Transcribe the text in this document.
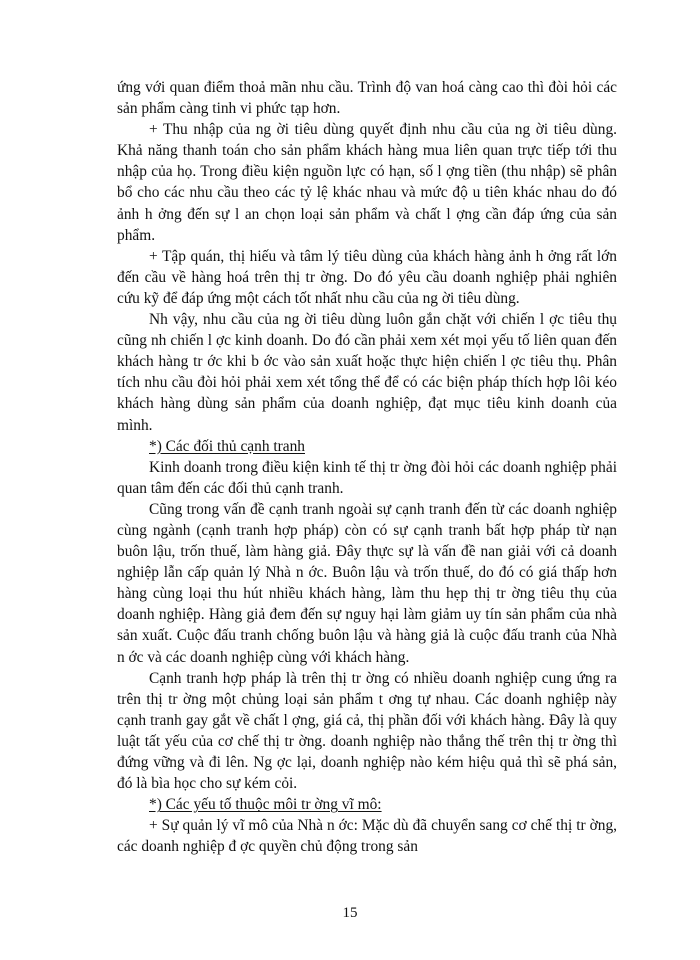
ứng với quan điểm thoả mãn nhu cầu. Trình độ van hoá càng cao thì đòi hỏi các sản phẩm càng tinh vi phức tạp hơn.

+ Thu nhập của ng ời tiêu dùng quyết định nhu cầu của ng ời tiêu dùng. Khả năng thanh toán cho sản phẩm khách hàng mua liên quan trực tiếp tới thu nhập của họ. Trong điều kiện nguồn lực có hạn, số l ợng tiền (thu nhập) sẽ phân bổ cho các nhu cầu theo các tỷ lệ khác nhau và mức độ u tiên khác nhau do đó ảnh h ởng đến sự l an chọn loại sản phẩm và chất l ợng cần đáp ứng của sản phẩm.

+ Tập quán, thị hiếu và tâm lý tiêu dùng của khách hàng ảnh h ởng rất lớn đến cầu về hàng hoá trên thị tr ờng. Do đó yêu cầu doanh nghiệp phải nghiên cứu kỹ để đáp ứng một cách tốt nhất nhu cầu của ng ời tiêu dùng.

Nh vậy, nhu cầu của ng ời tiêu dùng luôn gắn chặt với chiến l ợc tiêu thụ cũng nh chiến l ợc kinh doanh. Do đó cần phải xem xét mọi yếu tố liên quan đến khách hàng tr ớc khi b ớc vào sản xuất hoặc thực hiện chiến l ợc tiêu thụ. Phân tích nhu cầu đòi hỏi phải xem xét tổng thể để có các biện pháp thích hợp lôi kéo khách hàng dùng sản phẩm của doanh nghiệp, đạt mục tiêu kinh doanh của mình.

*) Các đối thủ cạnh tranh

Kinh doanh trong điều kiện kinh tế thị tr ờng đòi hỏi các doanh nghiệp phải quan tâm đến các đối thủ cạnh tranh.

Cũng trong vấn đề cạnh tranh ngoài sự cạnh tranh đến từ các doanh nghiệp cùng ngành (cạnh tranh hợp pháp) còn có sự cạnh tranh bất hợp pháp từ nạn buôn lậu, trốn thuế, làm hàng giả. Đây thực sự là vấn đề nan giải với cả doanh nghiệp lẫn cấp quản lý Nhà n ớc. Buôn lậu và trốn thuế, do đó có giá thấp hơn hàng cùng loại thu hút nhiều khách hàng, làm thu hẹp thị tr ờng tiêu thụ của doanh nghiệp. Hàng giả đem đến sự nguy hại làm giảm uy tín sản phẩm của nhà sản xuất. Cuộc đấu tranh chống buôn lậu và hàng giả là cuộc đấu tranh của Nhà n ớc và các doanh nghiệp cùng với khách hàng.

Cạnh tranh hợp pháp là trên thị tr ờng có nhiều doanh nghiệp cung ứng ra trên thị tr ờng một chủng loại sản phẩm t ơng tự nhau. Các doanh nghiệp này cạnh tranh gay gắt về chất l ợng, giá cả, thị phần đối với khách hàng. Đây là quy luật tất yếu của cơ chế thị tr ờng. doanh nghiệp nào thắng thế trên thị tr ờng thì đứng vững và đi lên. Ng ợc lại, doanh nghiệp nào kém hiệu quả thì sẽ phá sản, đó là bìa học cho sự kém cỏi.

*) Các yếu tố thuộc môi tr ờng vĩ mô:

+ Sự quản lý vĩ mô của Nhà n ớc: Mặc dù đã chuyển sang cơ chế thị tr ờng, các doanh nghiệp đ ợc quyền chủ động trong sản

15
